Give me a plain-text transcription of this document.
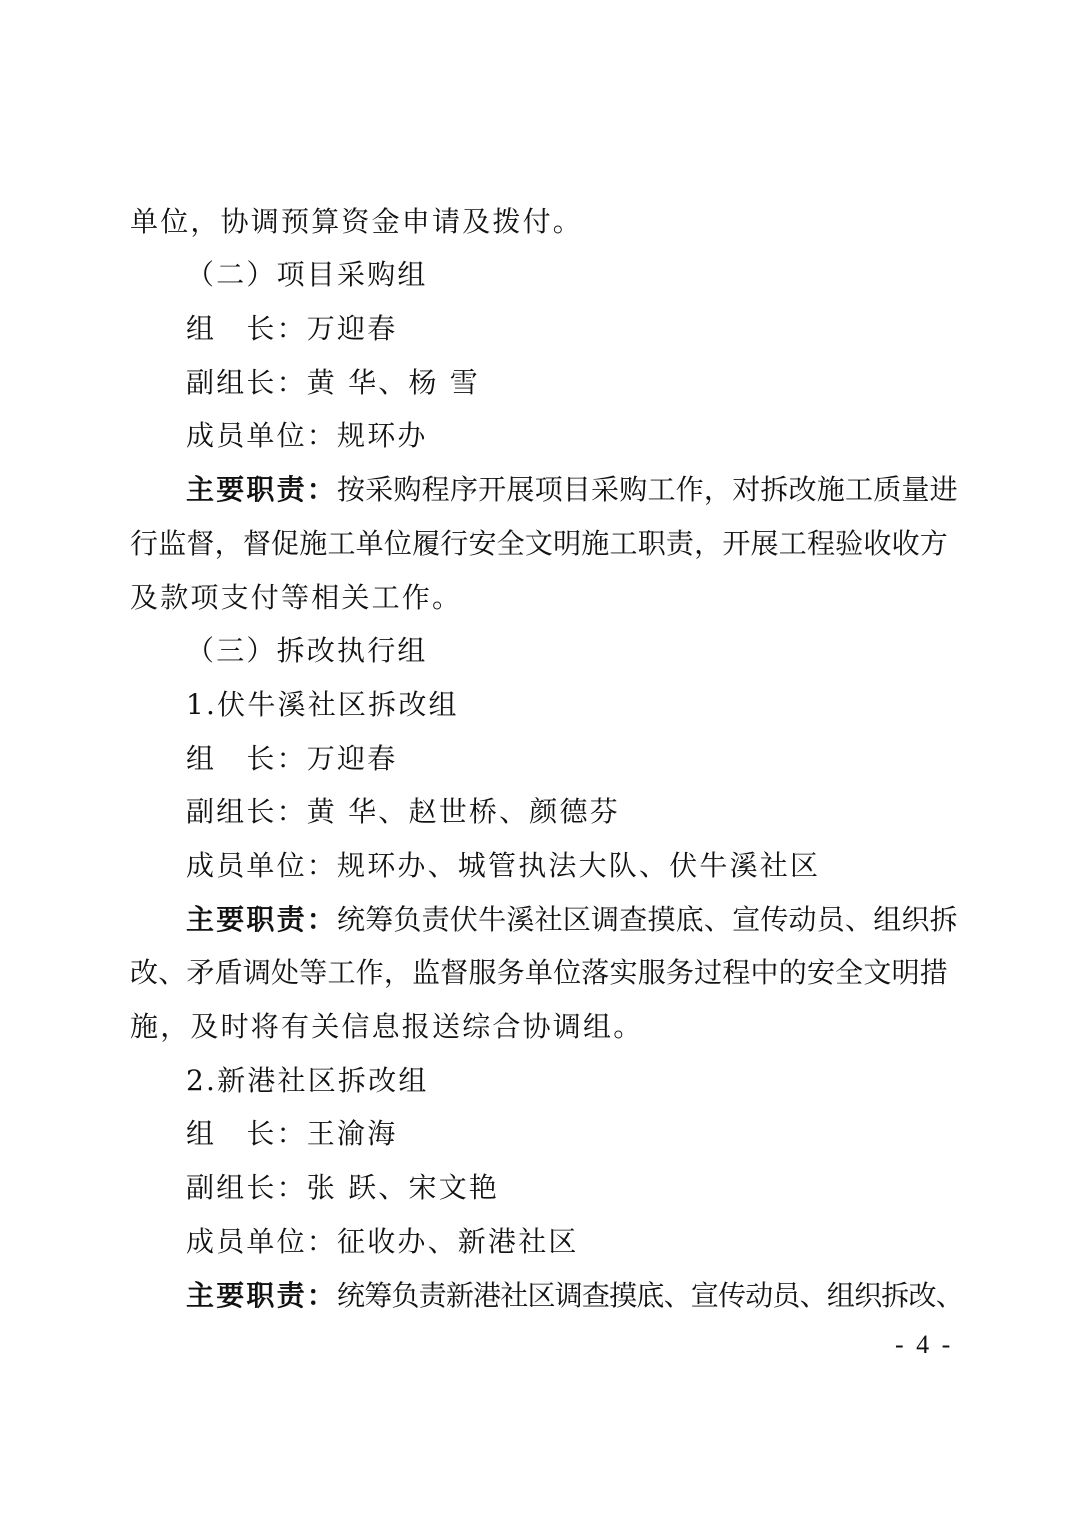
单位，协调预算资金申请及拨付。
（二）项目采购组
组　长：万迎春
副组长：黄 华、杨 雪
成员单位：规环办
主要职责：按采购程序开展项目采购工作，对拆改施工质量进
行监督，督促施工单位履行安全文明施工职责，开展工程验收收方
及款项支付等相关工作。
（三）拆改执行组
1.伏牛溪社区拆改组
组　长：万迎春
副组长：黄 华、赵世桥、颜德芬
成员单位：规环办、城管执法大队、伏牛溪社区
主要职责：统筹负责伏牛溪社区调查摸底、宣传动员、组织拆
改、矛盾调处等工作，监督服务单位落实服务过程中的安全文明措
施，及时将有关信息报送综合协调组。
2.新港社区拆改组
组　长：王渝海
副组长：张 跃、宋文艳
成员单位：征收办、新港社区
主要职责：统筹负责新港社区调查摸底、宣传动员、组织拆改、
- 4 -
